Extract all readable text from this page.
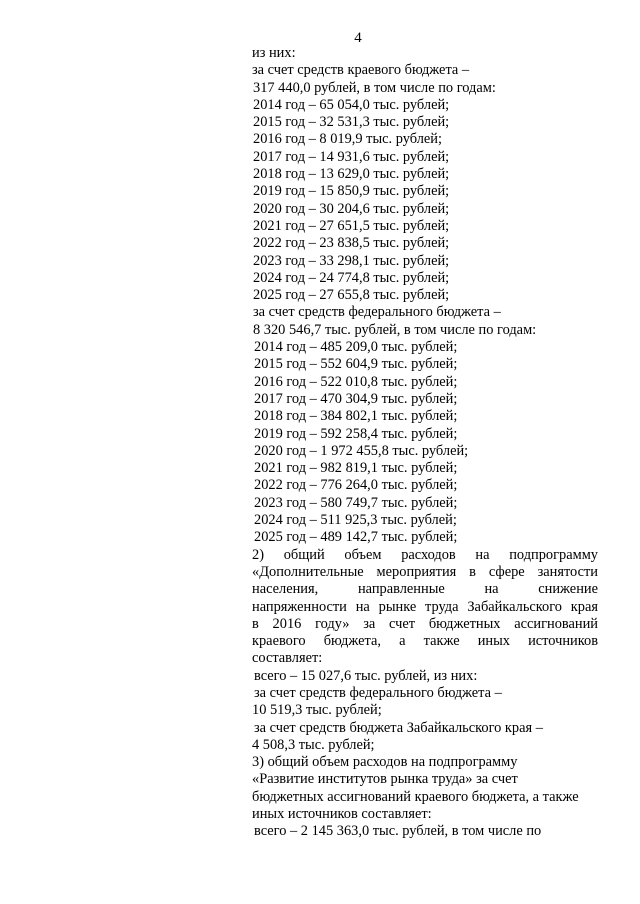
4
из них:
за счет средств краевого бюджета –
317 440,0 рублей, в том числе по годам:
2014 год – 65 054,0 тыс. рублей;
2015 год – 32 531,3 тыс. рублей;
2016 год – 8 019,9 тыс. рублей;
2017 год – 14 931,6 тыс. рублей;
2018 год – 13 629,0 тыс. рублей;
2019 год – 15 850,9 тыс. рублей;
2020 год – 30 204,6 тыс. рублей;
2021 год – 27 651,5 тыс. рублей;
2022 год – 23 838,5 тыс. рублей;
2023 год – 33 298,1 тыс. рублей;
2024 год – 24 774,8 тыс. рублей;
2025 год – 27 655,8 тыс. рублей;
за счет средств федерального бюджета –
8 320 546,7 тыс. рублей, в том числе по годам:
2014 год – 485 209,0 тыс. рублей;
2015 год – 552 604,9 тыс. рублей;
2016 год – 522 010,8 тыс. рублей;
2017 год – 470 304,9 тыс. рублей;
2018 год – 384 802,1 тыс. рублей;
2019 год – 592 258,4 тыс. рублей;
2020 год – 1 972 455,8 тыс. рублей;
2021 год – 982 819,1 тыс. рублей;
2022 год – 776 264,0 тыс. рублей;
2023 год – 580 749,7 тыс. рублей;
2024 год – 511 925,3 тыс. рублей;
2025 год – 489 142,7 тыс. рублей;
2) общий объем расходов на подпрограмму
«Дополнительные мероприятия в сфере занятости
населения, направленные на снижение
напряженности на рынке труда Забайкальского края
в 2016 году» за счет бюджетных ассигнований
краевого бюджета, а также иных источников
составляет:
всего – 15 027,6 тыс. рублей, из них:
за счет средств федерального бюджета –
10 519,3 тыс. рублей;
за счет средств бюджета Забайкальского края –
4 508,3 тыс. рублей;
3) общий объем расходов на подпрограмму
«Развитие институтов рынка труда» за счет
бюджетных ассигнований краевого бюджета, а также
иных источников составляет:
всего – 2 145 363,0 тыс. рублей, в том числе по
